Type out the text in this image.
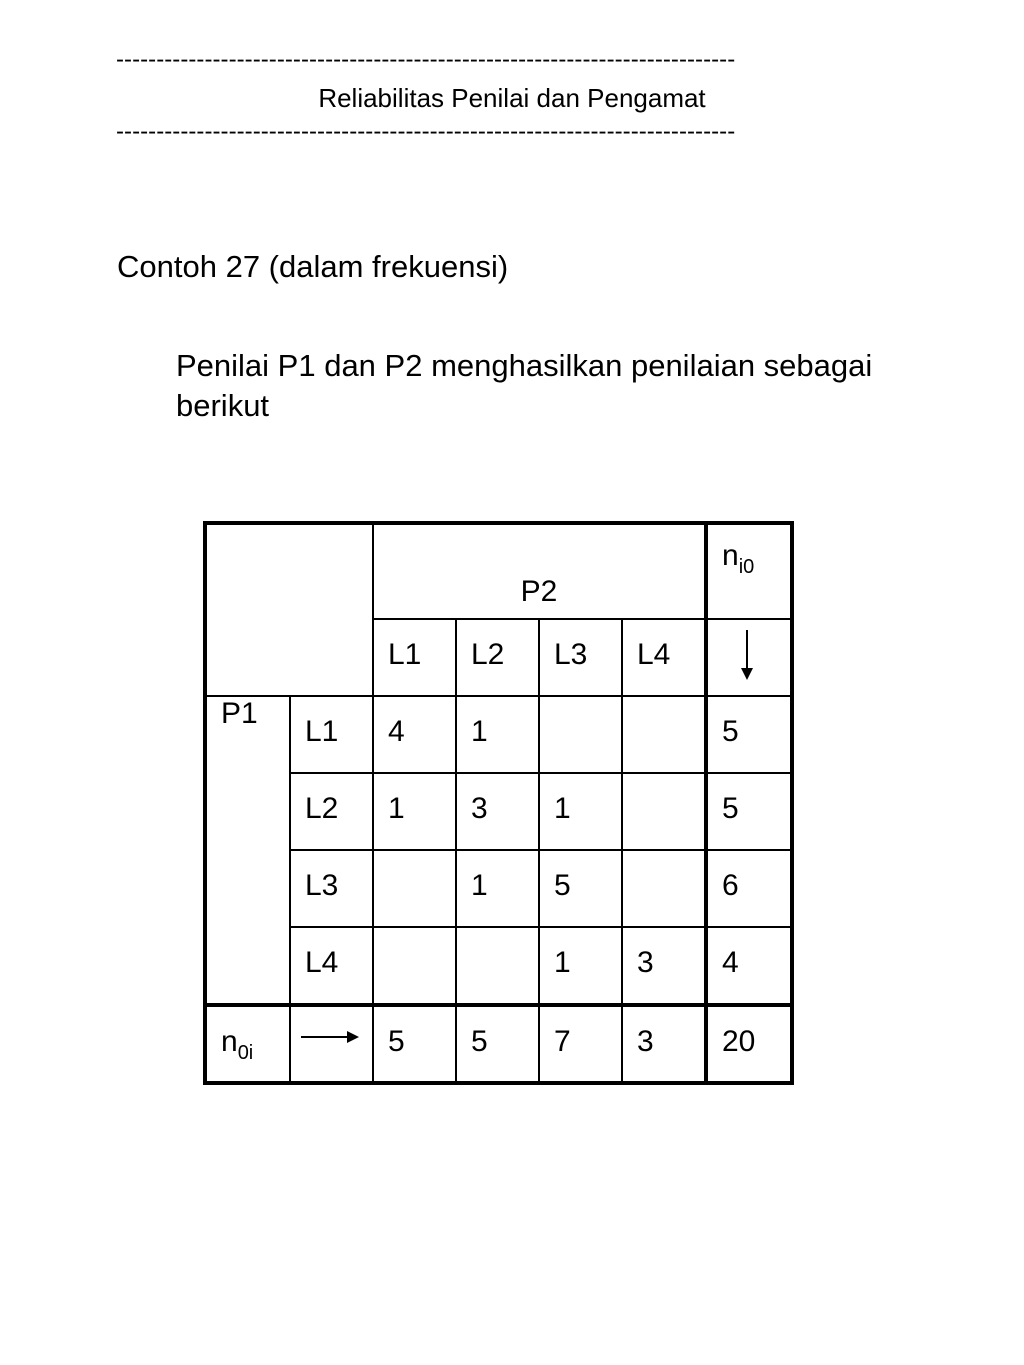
-----------------------------------------------------------------------------
Reliabilitas Penilai dan Pengamat
-----------------------------------------------------------------------------
Contoh 27 (dalam frekuensi)
Penilai P1 dan P2 menghasilkan penilaian sebagai berikut

		P2				$n_{i0}$

		L1	L2	L3	L4

P1	L1	4	1			5

	L2	1	3	1		5

	L3		1	5		6

	L4			1	3	4

$n_{0i}$		5	5	7	3	20
